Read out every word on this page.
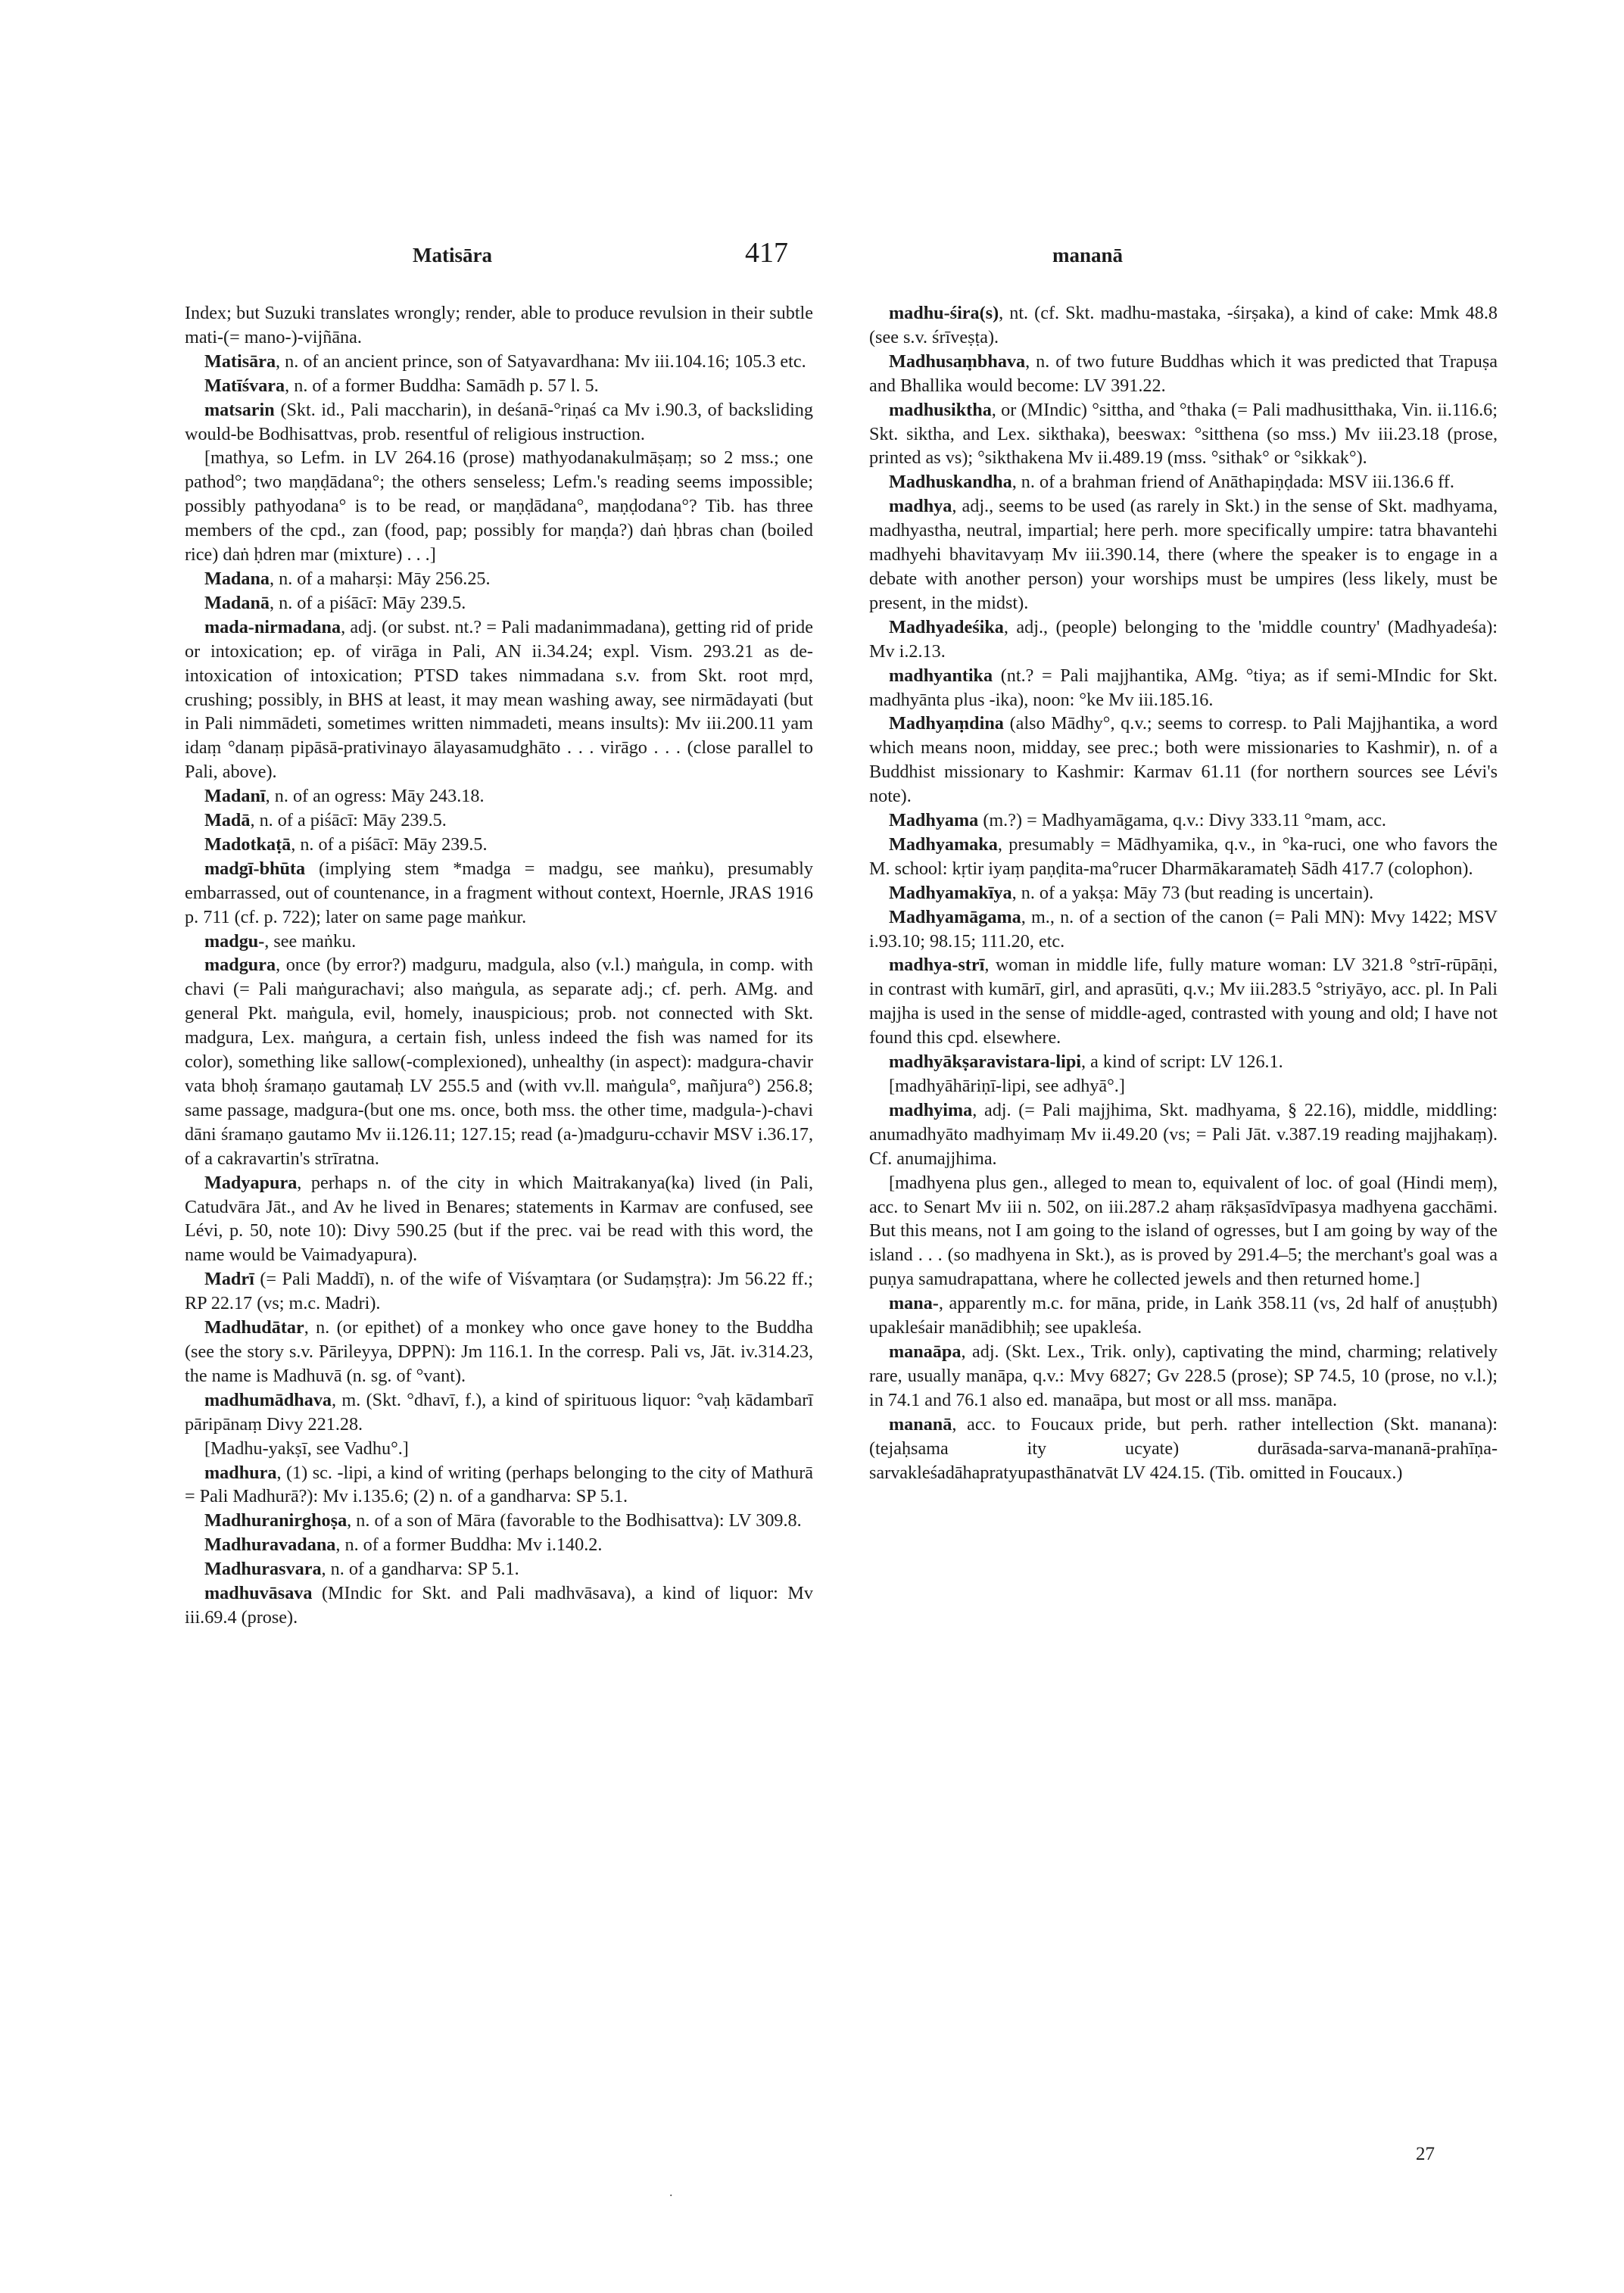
Matisāra	417	mananā

Index; but Suzuki translates wrongly; render, able to produce revulsion in their subtle mati-(= mano-)-vijñāna.

Matisāra, n. of an ancient prince, son of Satyavardhana: Mv iii.104.16; 105.3 etc.

Matīśvara, n. of a former Buddha: Samādh p. 57 l. 5.

matsarin (Skt. id., Pali maccharin), in deśanā-°riṇaś ca Mv i.90.3, of backsliding would-be Bodhisattvas, prob. resentful of religious instruction.

[mathya, so Lefm. in LV 264.16 (prose) mathyodanakulmāṣaṃ; so 2 mss.; one pathod°; two maṇḍādana°; the others senseless; Lefm.'s reading seems impossible; possibly pathyodana° is to be read, or maṇḍādana°, maṇḍodana°? Tib. has three members of the cpd., zan (food, pap; possibly for maṇḍa?) daṅ ḥbras chan (boiled rice) daṅ ḥdren mar (mixture) . . .]

Madana, n. of a maharṣi: Māy 256.25.

Madanā, n. of a piśācī: Māy 239.5.

mada-nirmadana, adj. (or subst. nt.? = Pali madanimmadana), getting rid of pride or intoxication; ep. of virāga in Pali, AN ii.34.24; expl. Vism. 293.21 as de-intoxication of intoxication; PTSD takes nimmadana s.v. from Skt. root mṛd, crushing; possibly, in BHS at least, it may mean washing away, see nirmādayati (but in Pali nimmādeti, sometimes written nimmadeti, means insults): Mv iii.200.11 yam idaṃ °danaṃ pipāsā-prativinayo ālayasamudghāto . . . virāgo . . . (close parallel to Pali, above).

Madanī, n. of an ogress: Māy 243.18.

Madā, n. of a piśācī: Māy 239.5.

Madotkaṭā, n. of a piśācī: Māy 239.5.

madgī-bhūta (implying stem *madga = madgu, see maṅku), presumably embarrassed, out of countenance, in a fragment without context, Hoernle, JRAS 1916 p. 711 (cf. p. 722); later on same page maṅkur.

madgu-, see maṅku.

madgura, once (by error?) madguru, madgula, also (v.l.) maṅgula, in comp. with chavi (= Pali maṅgurachavi; also maṅgula, as separate adj.; cf. perh. AMg. and general Pkt. maṅgula, evil, homely, inauspicious; prob. not connected with Skt. madgura, Lex. maṅgura, a certain fish, unless indeed the fish was named for its color), something like sallow(-complexioned), unhealthy (in aspect): madgura-chavir vata bhoḥ śramaṇo gautamaḥ LV 255.5 and (with vv.ll. maṅgula°, mañjura°) 256.8; same passage, madgura-(but one ms. once, both mss. the other time, madgula-)-chavi dāni śramaṇo gautamo Mv ii.126.11; 127.15; read (a-)madguru-cchavir MSV i.36.17, of a cakravartin's strīratna.

Madyapura, perhaps n. of the city in which Maitrakanya(ka) lived (in Pali, Catudvāra Jāt., and Av he lived in Benares; statements in Karmav are confused, see Lévi, p. 50, note 10): Divy 590.25 (but if the prec. vai be read with this word, the name would be Vaimadyapura).

Madrī (= Pali Maddī), n. of the wife of Viśvaṃtara (or Sudaṃṣṭra): Jm 56.22 ff.; RP 22.17 (vs; m.c. Madri).

Madhudātar, n. (or epithet) of a monkey who once gave honey to the Buddha (see the story s.v. Pārileyya, DPPN): Jm 116.1. In the corresp. Pali vs, Jāt. iv.314.23, the name is Madhuvā (n. sg. of °vant).

madhumādhava, m. (Skt. °dhavī, f.), a kind of spirituous liquor: °vaḥ kādambarī pāripānaṃ Divy 221.28.

[Madhu-yakṣī, see Vadhu°.]

madhura, (1) sc. -lipi, a kind of writing (perhaps belonging to the city of Mathurā = Pali Madhurā?): Mv i.135.6; (2) n. of a gandharva: SP 5.1.

Madhuranirghoṣa, n. of a son of Māra (favorable to the Bodhisattva): LV 309.8.

Madhuravadana, n. of a former Buddha: Mv i.140.2.

Madhurasvara, n. of a gandharva: SP 5.1.

madhuvāsava (MIndic for Skt. and Pali madhvāsava), a kind of liquor: Mv iii.69.4 (prose).

madhu-śira(s), nt. (cf. Skt. madhu-mastaka, -śirṣaka), a kind of cake: Mmk 48.8 (see s.v. śrīveṣṭa).

Madhusaṃbhava, n. of two future Buddhas which it was predicted that Trapuṣa and Bhallika would become: LV 391.22.

madhusiktha, or (MIndic) °sittha, and °thaka (= Pali madhusitthaka, Vin. ii.116.6; Skt. siktha, and Lex. sikthaka), beeswax: °sitthena (so mss.) Mv iii.23.18 (prose, printed as vs); °sikthakena Mv ii.489.19 (mss. °sithak° or °sikkak°).

Madhuskandha, n. of a brahman friend of Anāthapiṇḍada: MSV iii.136.6 ff.

madhya, adj., seems to be used (as rarely in Skt.) in the sense of Skt. madhyama, madhyastha, neutral, impartial; here perh. more specifically umpire: tatra bhavantehi madhyehi bhavitavyaṃ Mv iii.390.14, there (where the speaker is to engage in a debate with another person) your worships must be umpires (less likely, must be present, in the midst).

Madhyadeśika, adj., (people) belonging to the 'middle country' (Madhyadeśa): Mv i.2.13.

madhyantika (nt.? = Pali majjhantika, AMg. °tiya; as if semi-MIndic for Skt. madhyānta plus -ika), noon: °ke Mv iii.185.16.

Madhyaṃdina (also Mādhy°, q.v.; seems to corresp. to Pali Majjhantika, a word which means noon, midday, see prec.; both were missionaries to Kashmir), n. of a Buddhist missionary to Kashmir: Karmav 61.11 (for northern sources see Lévi's note).

Madhyama (m.?) = Madhyamāgama, q.v.: Divy 333.11 °mam, acc.

Madhyamaka, presumably = Mādhyamika, q.v., in °ka-ruci, one who favors the M. school: kṛtir iyaṃ paṇḍita-ma°rucer Dharmākaramateḥ Sādh 417.7 (colophon).

Madhyamakīya, n. of a yakṣa: Māy 73 (but reading is uncertain).

Madhyamāgama, m., n. of a section of the canon (= Pali MN): Mvy 1422; MSV i.93.10; 98.15; 111.20, etc.

madhya-strī, woman in middle life, fully mature woman: LV 321.8 °strī-rūpāṇi, in contrast with kumārī, girl, and aprasūti, q.v.; Mv iii.283.5 °striyāyo, acc. pl. In Pali majjha is used in the sense of middle-aged, contrasted with young and old; I have not found this cpd. elsewhere.

madhyākṣaravistara-lipi, a kind of script: LV 126.1.

[madhyāhāriṇī-lipi, see adhyā°.]

madhyima, adj. (= Pali majjhima, Skt. madhyama, § 22.16), middle, middling: anumadhyāto madhyimaṃ Mv ii.49.20 (vs; = Pali Jāt. v.387.19 reading majjhakaṃ). Cf. anumajjhima.

[madhyena plus gen., alleged to mean to, equivalent of loc. of goal (Hindi meṃ), acc. to Senart Mv iii n. 502, on iii.287.2 ahaṃ rākṣasīdvīpasya madhyena gacchāmi. But this means, not I am going to the island of ogresses, but I am going by way of the island . . . (so madhyena in Skt.), as is proved by 291.4–5; the merchant's goal was a puṇya samudrapattana, where he collected jewels and then returned home.]

mana-, apparently m.c. for māna, pride, in Laṅk 358.11 (vs, 2d half of anuṣṭubh) upakleśair manādibhiḥ; see upakleśa.

manaāpa, adj. (Skt. Lex., Trik. only), captivating the mind, charming; relatively rare, usually manāpa, q.v.: Mvy 6827; Gv 228.5 (prose); SP 74.5, 10 (prose, no v.l.); in 74.1 and 76.1 also ed. manaāpa, but most or all mss. manāpa.

mananā, acc. to Foucaux pride, but perh. rather intellection (Skt. manana): (tejaḥsama ity ucyate) durāsada-sarva-mananā-prahīṇa-sarvakleśadāhapratyupasthānatvāt LV 424.15. (Tib. omitted in Foucaux.)

27
.
